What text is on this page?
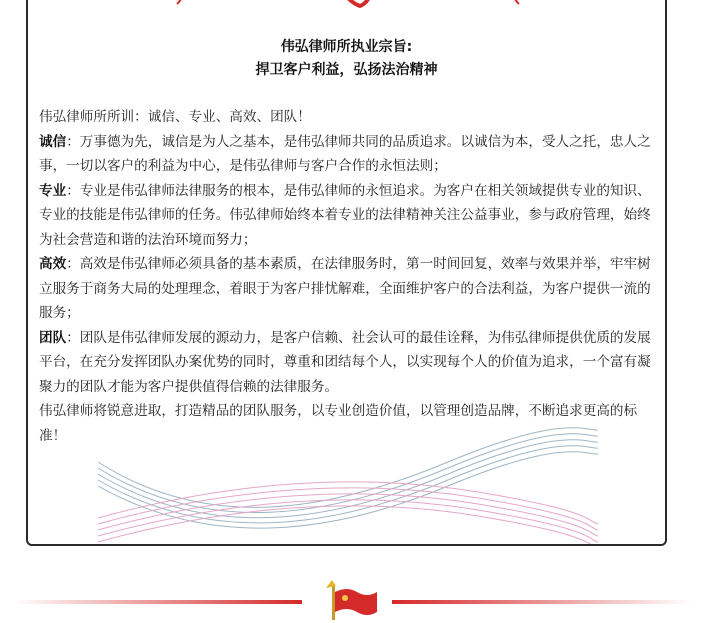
伟弘律师所执业宗旨:
捍卫客户利益，弘扬法治精神

伟弘律师所所训：诚信、专业、高效、团队！

诚信：万事德为先，诚信是为人之基本，是伟弘律师共同的品质追求。以诚信为本，受人之托，忠人之事，一切以客户的利益为中心，是伟弘律师与客户合作的永恒法则；

专业：专业是伟弘律师法律服务的根本，是伟弘律师的永恒追求。为客户在相关领域提供专业的知识、专业的技能是伟弘律师的任务。伟弘律师始终本着专业的法律精神关注公益事业，参与政府管理，始终为社会营造和谐的法治环境而努力；

高效：高效是伟弘律师必须具备的基本素质，在法律服务时，第一时间回复，效率与效果并举，牢牢树立服务于商务大局的处理理念，着眼于为客户排忧解难，全面维护客户的合法利益，为客户提供一流的服务；

团队：团队是伟弘律师发展的源动力，是客户信赖、社会认可的最佳诠释，为伟弘律师提供优质的发展平台，在充分发挥团队办案优势的同时，尊重和团结每个人，以实现每个人的价值为追求，一个富有凝聚力的团队才能为客户提供值得信赖的法律服务。

伟弘律师将锐意进取，打造精品的团队服务，以专业创造价值，以管理创造品牌，不断追求更高的标准！
